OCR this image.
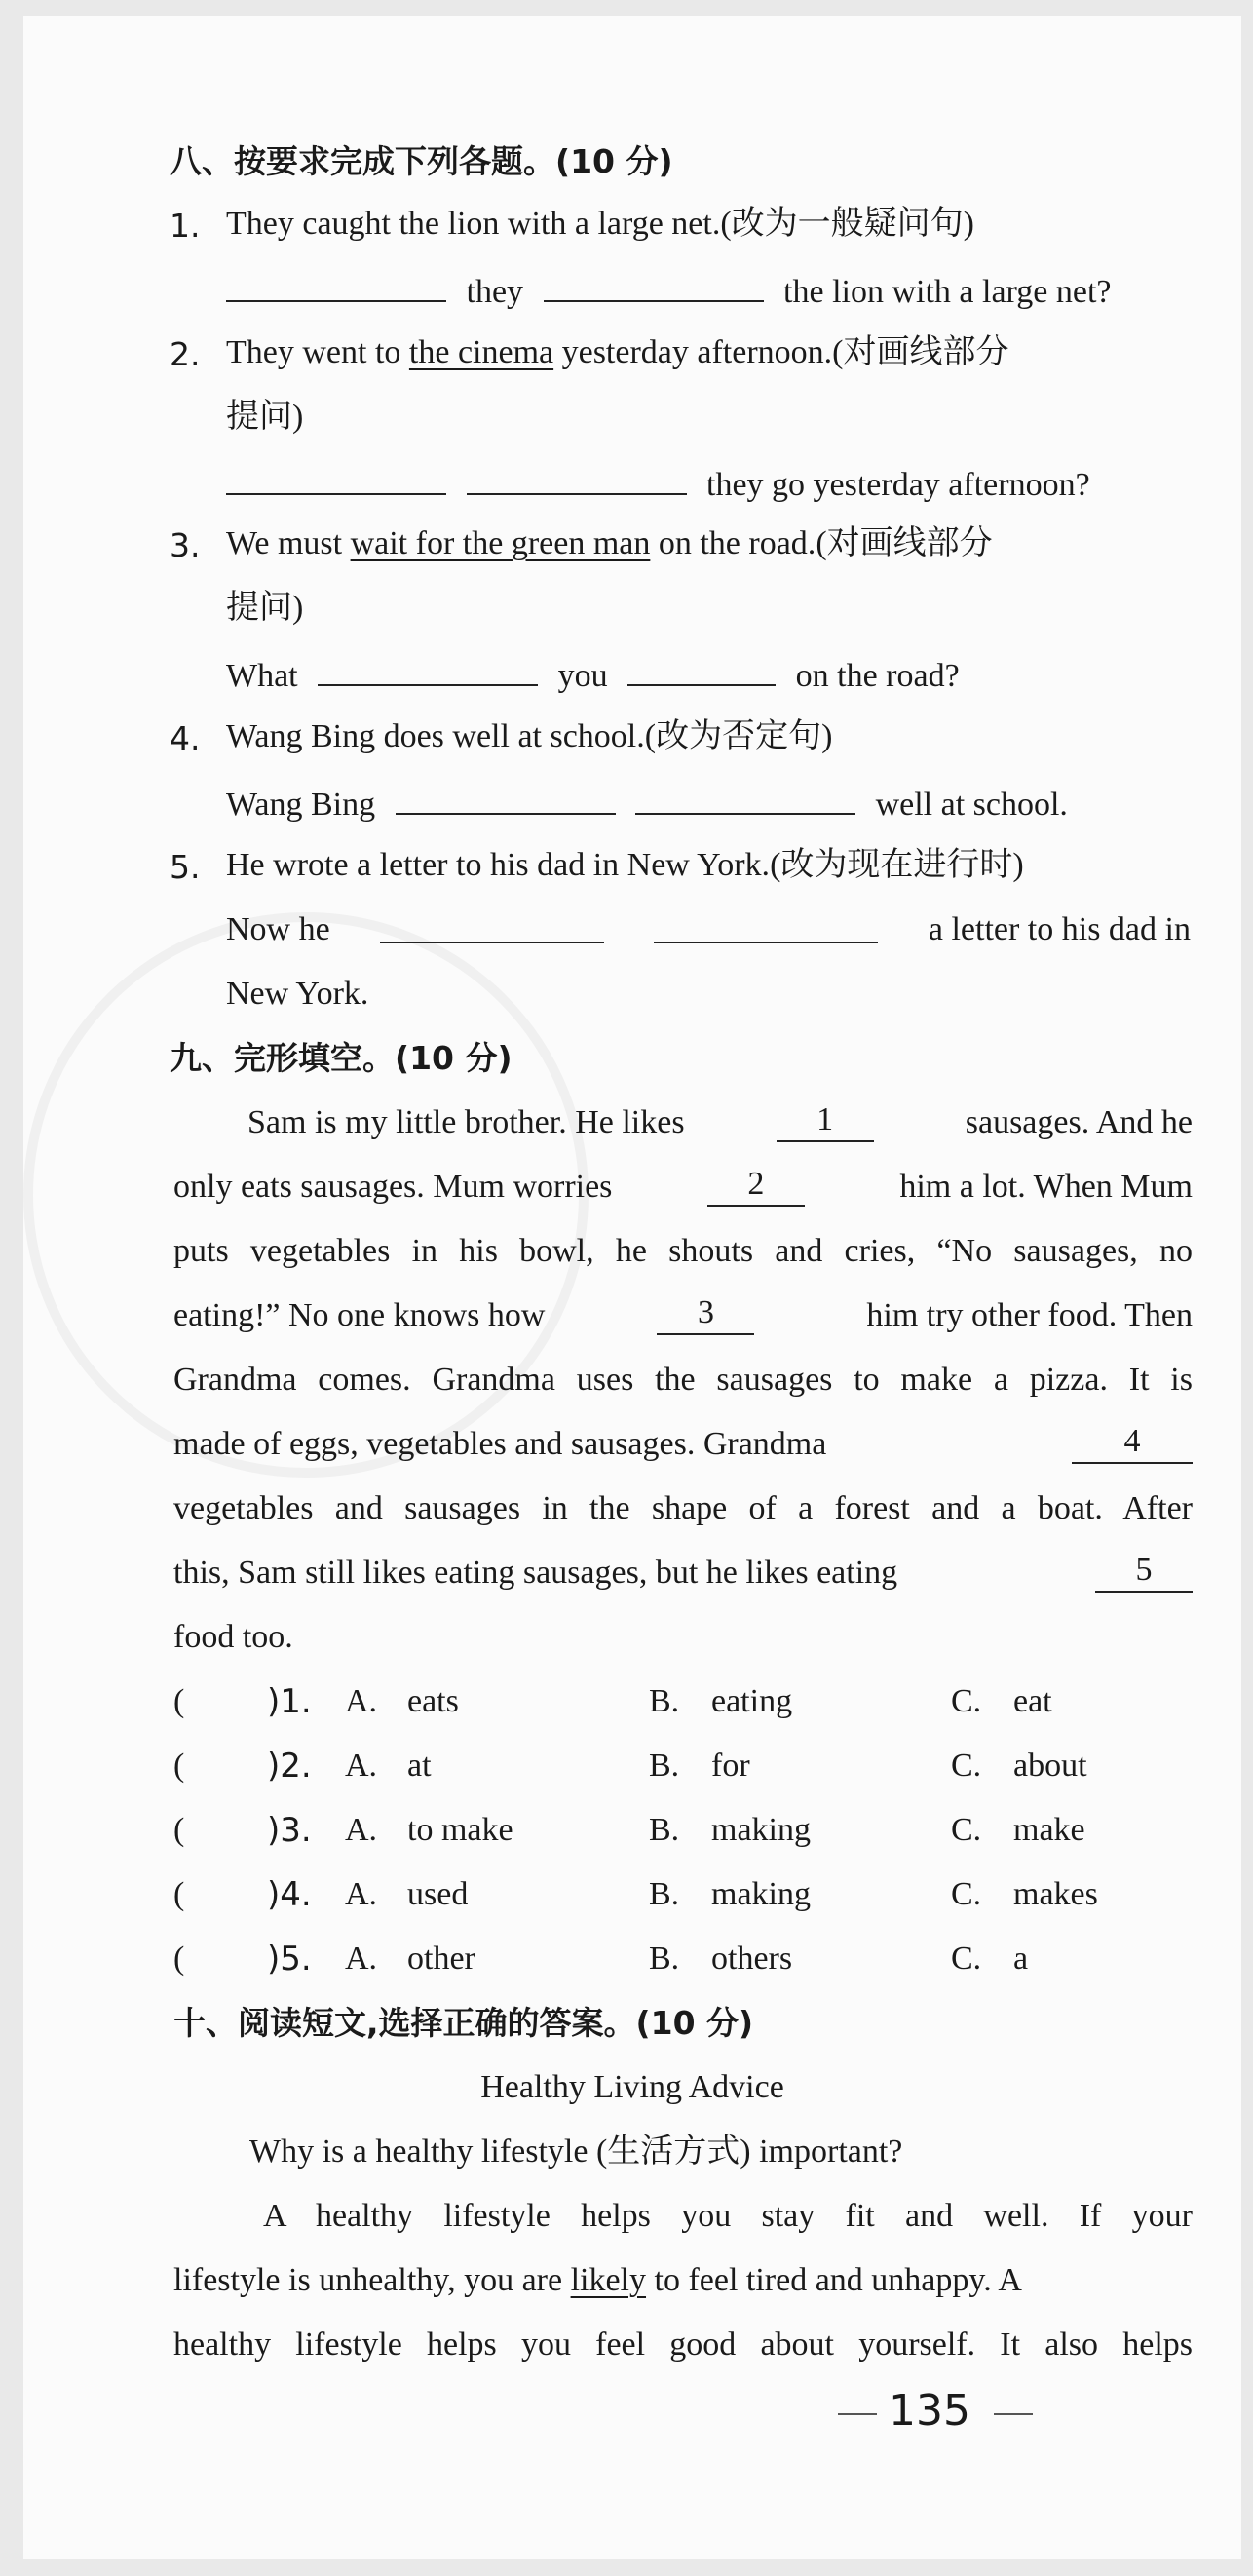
八、按要求完成下列各题。(10 分)
1. They caught the lion with a large net.(改为一般疑问句)
they	the lion with a large net?
2. They went to the cinema yesterday afternoon.(对画线部分
提问)
they go yesterday afternoon?
3. We must wait for the green man on the road.(对画线部分
提问)
What	you	on the road?
4. Wang Bing does well at school.(改为否定句)
Wang Bing	well at school.
5. He wrote a letter to his dad in New York.(改为现在进行时)
Now he	a letter to his dad in
New York.
九、完形填空。(10 分)
Sam is my little brother. He likes	1	sausages. And he
only eats sausages. Mum worries	2	him a lot. When Mum
puts vegetables in his bowl, he shouts and cries, “No sausages, no
eating!” No one knows how	3	him try other food. Then
Grandma comes. Grandma uses the sausages to make a pizza. It is
made of eggs, vegetables and sausages. Grandma	4
vegetables and sausages in the shape of a forest and a boat. After
this, Sam still likes eating sausages, but he likes eating	5
food too.
( )1. A. eats	B. eating	C. eat
( )2. A. at	B. for	C. about
( )3. A. to make	B. making	C. make
( )4. A. used	B. making	C. makes
( )5. A. other	B. others	C. a
十、阅读短文,选择正确的答案。(10 分)
Healthy Living Advice
Why is a healthy lifestyle (生活方式) important?
A healthy lifestyle helps you stay fit and well. If your
lifestyle is unhealthy, you are likely to feel tired and unhappy. A
healthy lifestyle helps you feel good about yourself. It also helps
135
